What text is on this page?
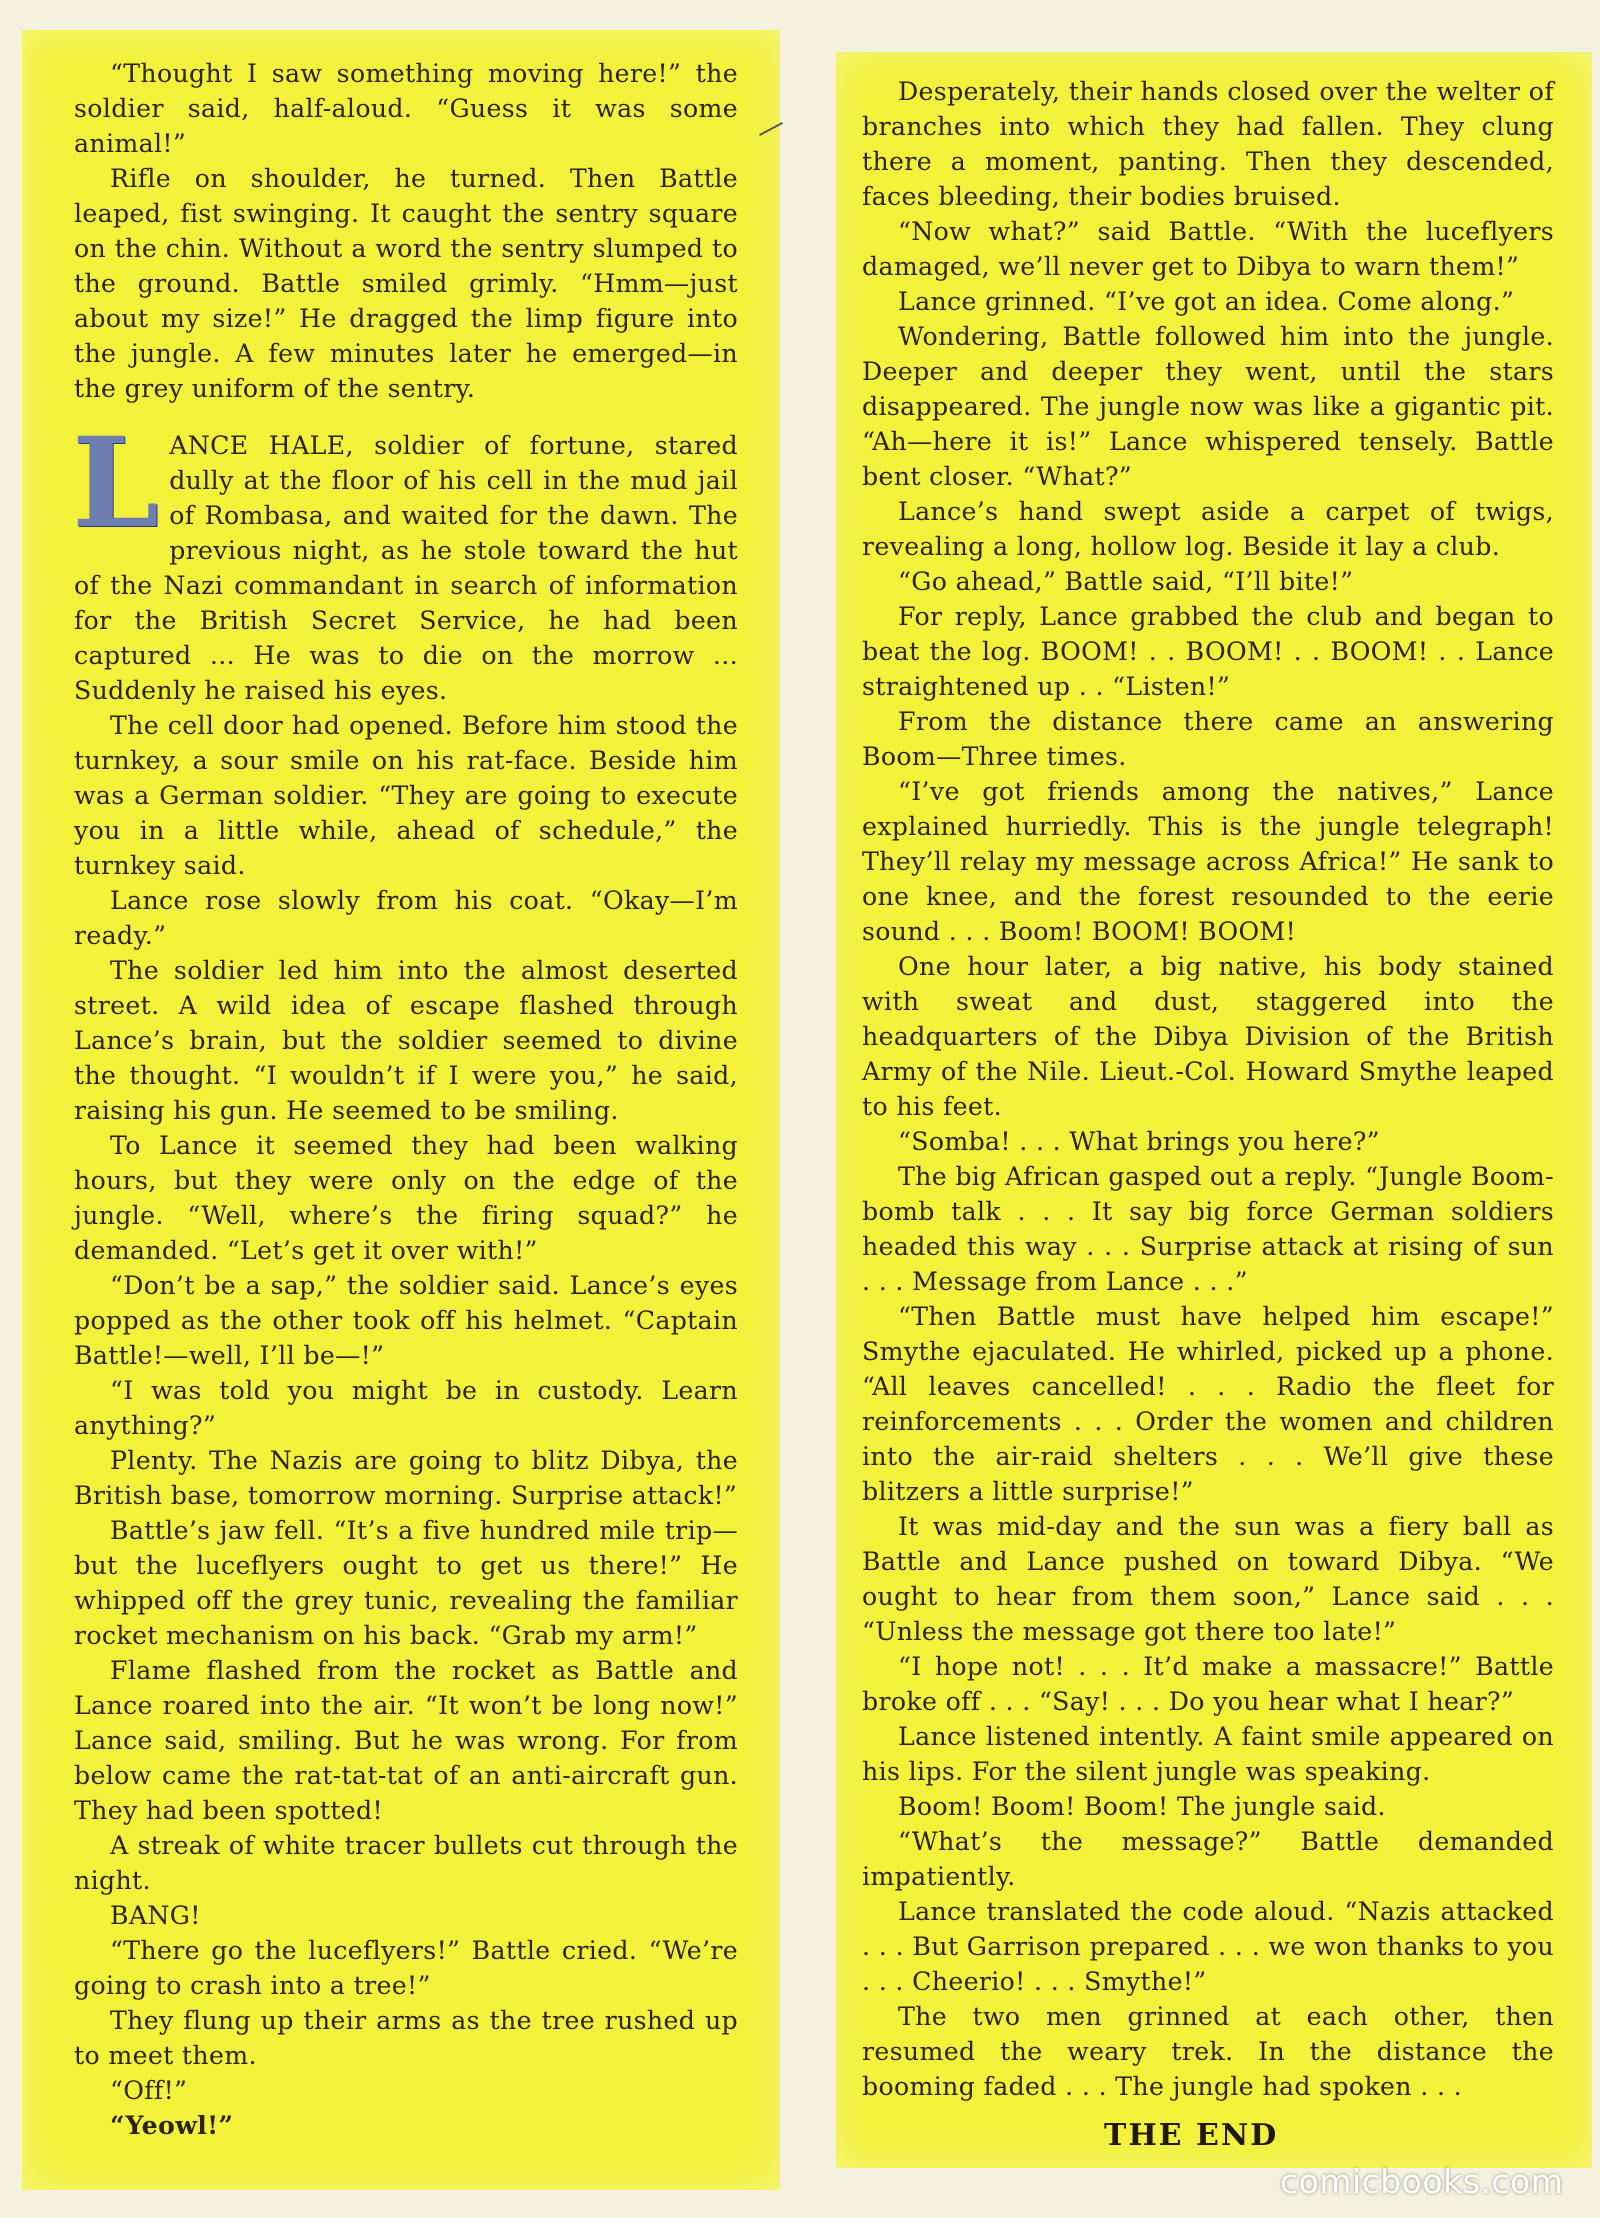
“Thought I saw something moving here!” the soldier said, half-aloud. “Guess it was some animal!”

Rifle on shoulder, he turned. Then Battle leaped, fist swinging. It caught the sentry square on the chin. Without a word the sentry slumped to the ground. Battle smiled grimly. “Hmm—just about my size!” He dragged the limp figure into the jungle. A few minutes later he emerged—in the grey uniform of the sentry.

L ANCE HALE, soldier of fortune, stared dully at the floor of his cell in the mud jail of Rombasa, and waited for the dawn. The previous night, as he stole toward the hut of the Nazi commandant in search of information for the British Secret Service, he had been captured ... He was to die on the morrow ... Suddenly he raised his eyes.

The cell door had opened. Before him stood the turnkey, a sour smile on his rat-face. Beside him was a German soldier. “They are going to execute you in a little while, ahead of schedule,” the turnkey said.

Lance rose slowly from his coat. “Okay—I’m ready.”

The soldier led him into the almost deserted street. A wild idea of escape flashed through Lance’s brain, but the soldier seemed to divine the thought. “I wouldn’t if I were you,” he said, raising his gun. He seemed to be smiling.

To Lance it seemed they had been walking hours, but they were only on the edge of the jungle. “Well, where’s the firing squad?” he demanded. “Let’s get it over with!”

“Don’t be a sap,” the soldier said. Lance’s eyes popped as the other took off his helmet. “Captain Battle!—well, I’ll be—!”

“I was told you might be in custody. Learn anything?”

Plenty. The Nazis are going to blitz Dibya, the British base, tomorrow morning. Surprise attack!”

Battle’s jaw fell. “It’s a five hundred mile trip—but the luceflyers ought to get us there!” He whipped off the grey tunic, revealing the familiar rocket mechanism on his back. “Grab my arm!”

Flame flashed from the rocket as Battle and Lance roared into the air. “It won’t be long now!” Lance said, smiling. But he was wrong. For from below came the rat-tat-tat of an anti-aircraft gun. They had been spotted!

A streak of white tracer bullets cut through the night.

BANG!

“There go the luceflyers!” Battle cried. “We’re going to crash into a tree!”

They flung up their arms as the tree rushed up to meet them.

“Off!”

“Yeowl!”

Desperately, their hands closed over the welter of branches into which they had fallen. They clung there a moment, panting. Then they descended, faces bleeding, their bodies bruised.

“Now what?” said Battle. “With the luceflyers damaged, we’ll never get to Dibya to warn them!”

Lance grinned. “I’ve got an idea. Come along.”

Wondering, Battle followed him into the jungle. Deeper and deeper they went, until the stars disappeared. The jungle now was like a gigantic pit. “Ah—here it is!” Lance whispered tensely. Battle bent closer. “What?”

Lance’s hand swept aside a carpet of twigs, revealing a long, hollow log. Beside it lay a club.

“Go ahead,” Battle said, “I’ll bite!”

For reply, Lance grabbed the club and began to beat the log. BOOM! . . BOOM! . . BOOM! . . Lance straightened up . . “Listen!”

From the distance there came an answering Boom—Three times.

“I’ve got friends among the natives,” Lance explained hurriedly. This is the jungle telegraph! They’ll relay my message across Africa!” He sank to one knee, and the forest resounded to the eerie sound . . . Boom! BOOM! BOOM!

One hour later, a big native, his body stained with sweat and dust, staggered into the headquarters of the Dibya Division of the British Army of the Nile. Lieut.-Col. Howard Smythe leaped to his feet.

“Somba! . . . What brings you here?”

The big African gasped out a reply. “Jungle Boom-bomb talk . . . It say big force German soldiers headed this way . . . Surprise attack at rising of sun . . . Message from Lance . . .”

“Then Battle must have helped him escape!” Smythe ejaculated. He whirled, picked up a phone. “All leaves cancelled! . . . Radio the fleet for reinforcements . . . Order the women and children into the air-raid shelters . . . We’ll give these blitzers a little surprise!”

It was mid-day and the sun was a fiery ball as Battle and Lance pushed on toward Dibya. “We ought to hear from them soon,” Lance said . . . “Unless the message got there too late!”

“I hope not! . . . It’d make a massacre!” Battle broke off . . . “Say! . . . Do you hear what I hear?”

Lance listened intently. A faint smile appeared on his lips. For the silent jungle was speaking.

Boom! Boom! Boom! The jungle said.

“What’s the message?” Battle demanded impatiently.

Lance translated the code aloud. “Nazis attacked . . . But Garrison prepared . . . we won thanks to you . . . Cheerio! . . . Smythe!”

The two men grinned at each other, then resumed the weary trek. In the distance the booming faded . . . The jungle had spoken . . .

THE END
comicbooks.com
